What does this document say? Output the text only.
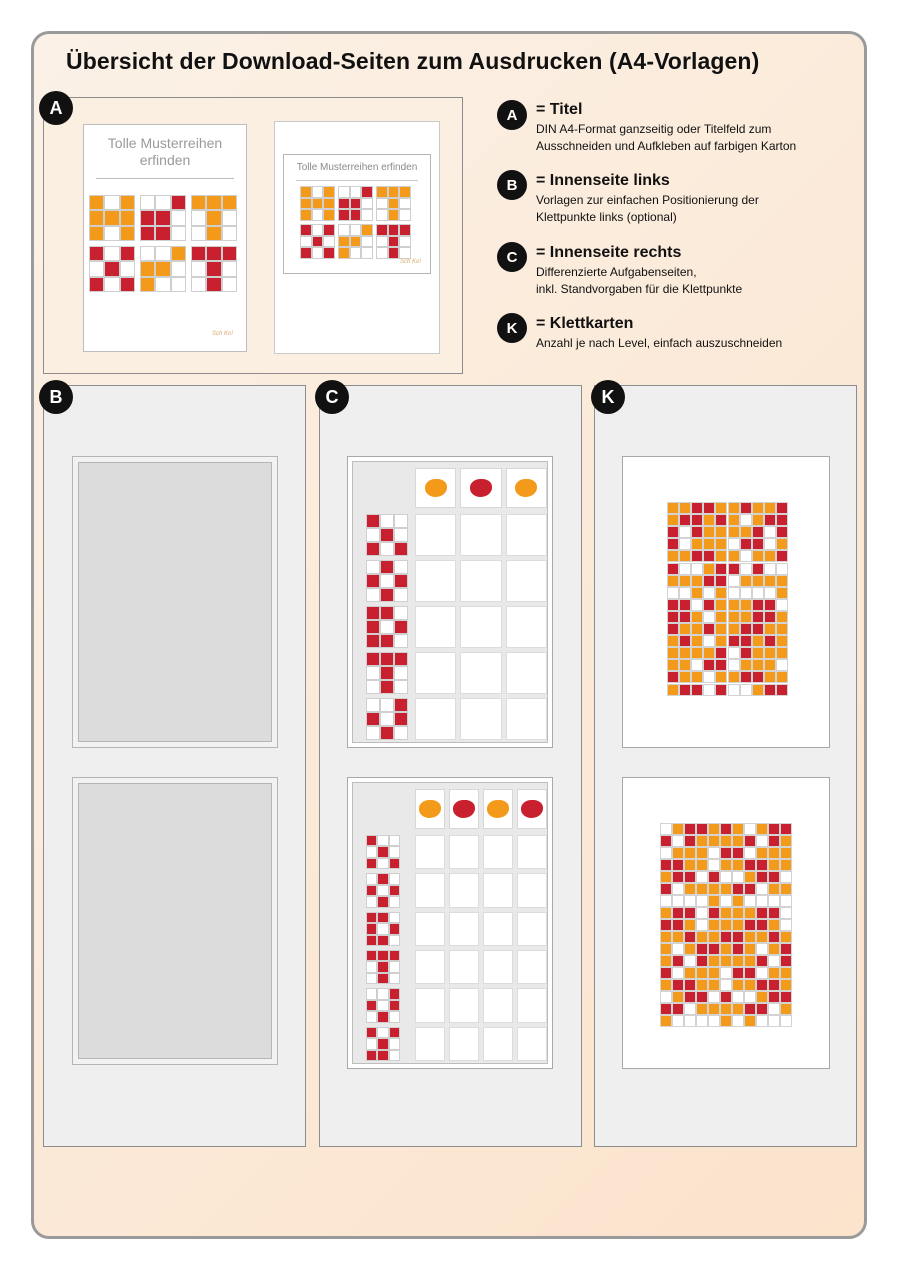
Übersicht der Download-Seiten zum Ausdrucken (A4-Vorlagen)
Tolle Musterreihen erfinden
Sch Ko!
Tolle Musterreihen erfinden
Sch Ko!
A	A	= Titel
DIN A4-Format ganzseitig oder Titelfeld zum
Ausschneiden und Aufkleben auf farbigen Karton
B	= Innenseite links
Vorlagen zur einfachen Positionierung der
Klettpunkte links (optional)
C	= Innenseite rechts
Differenzierte Aufgabenseiten,
inkl. Standvorgaben für die Klettpunkte
K	= Klettkarten
Anzahl je nach Level, einfach auszuschneiden
B	C	K
